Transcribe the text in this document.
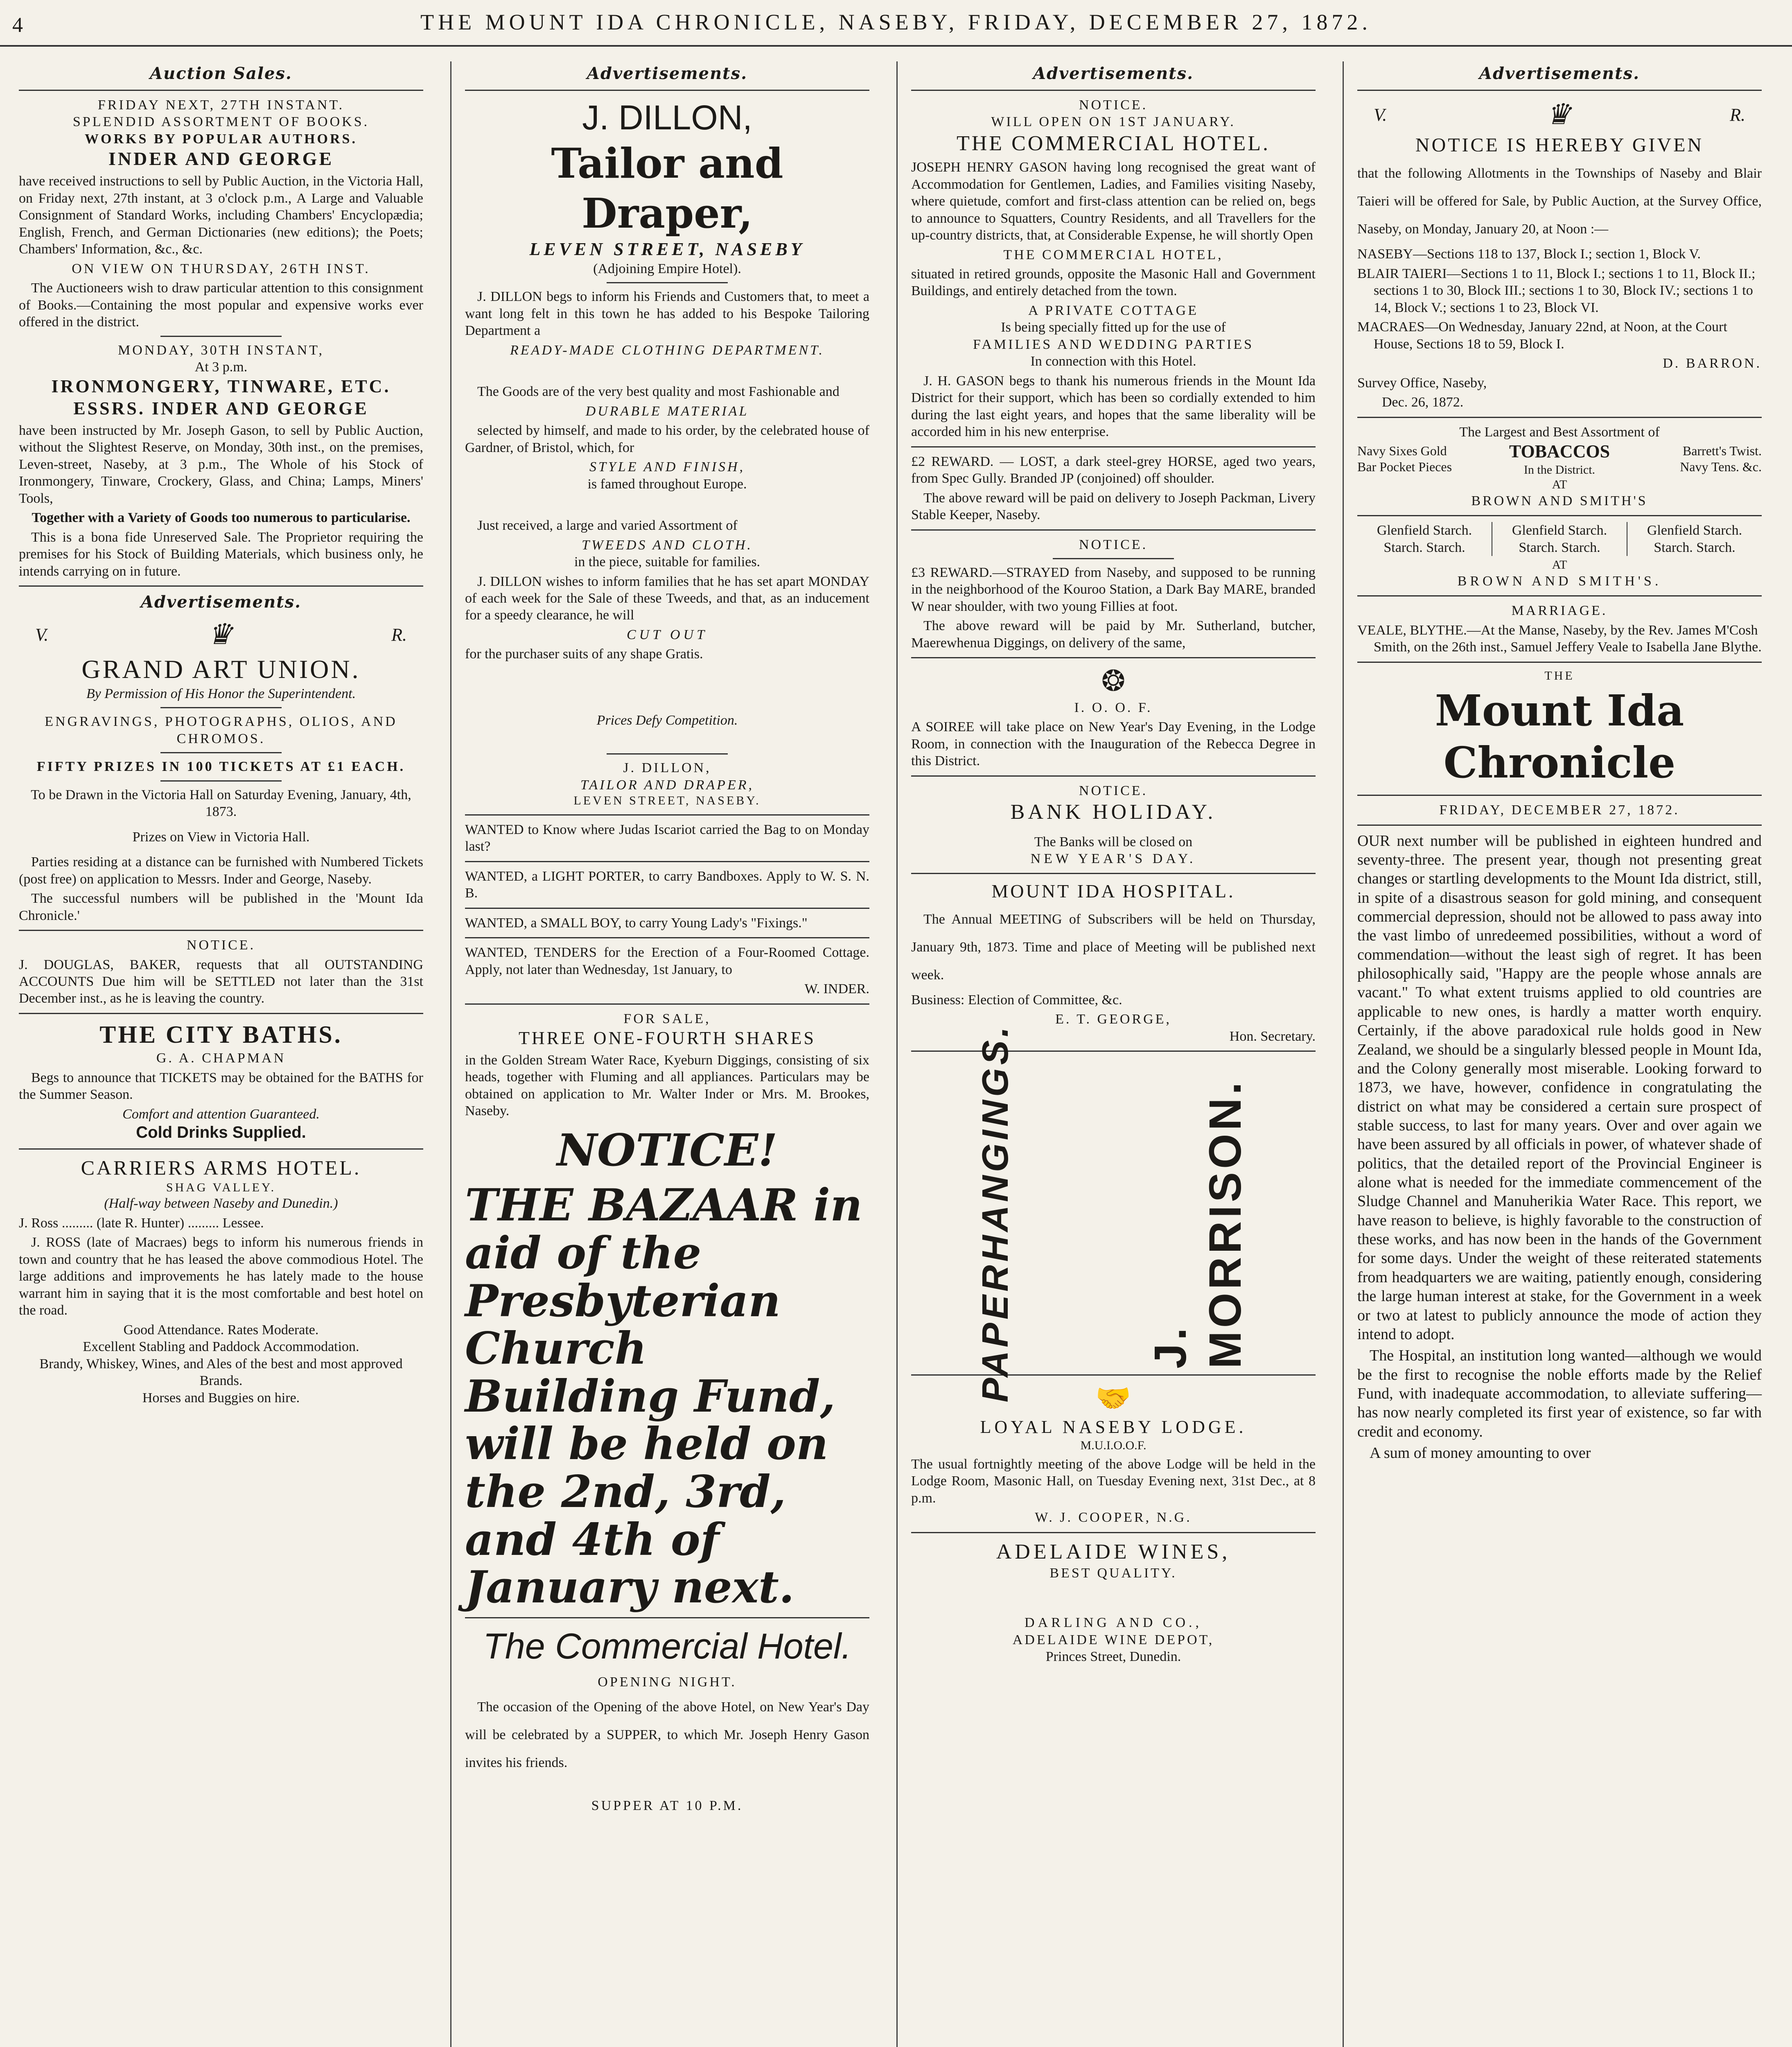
4	THE MOUNT IDA CHRONICLE, NASEBY, FRIDAY, DECEMBER 27, 1872.
Auction Sales.
FRIDAY NEXT, 27TH INSTANT.
SPLENDID ASSORTMENT OF BOOKS.
WORKS BY POPULAR AUTHORS.
INDER AND GEORGE
have received instructions to sell by Public Auction, in the Victoria Hall, on Friday next, 27th instant, at 3 o'clock p.m., A Large and Valuable Consignment of Standard Works, including Chambers' Encyclopædia; English, French, and German Dictionaries (new editions); the Poets; Chambers' Information, &c., &c.
ON VIEW ON THURSDAY, 26TH INST.
The Auctioneers wish to draw particular attention to this consignment of Books.—Containing the most popular and expensive works ever offered in the district.
MONDAY, 30TH INSTANT,
At 3 p.m.
IRONMONGERY, TINWARE, ETC.
ESSRS. INDER AND GEORGE
have been instructed by Mr. Joseph Gason, to sell by Public Auction, without the Slightest Reserve, on Monday, 30th inst., on the premises, Leven-street, Naseby, at 3 p.m., The Whole of his Stock of Ironmongery, Tinware, Crockery, Glass, and China; Lamps, Miners' Tools,
Together with a Variety of Goods too numerous to particularise.
This is a bona fide Unreserved Sale. The Proprietor requiring the premises for his Stock of Building Materials, which business only, he intends carrying on in future.
Advertisements.
V.	♛	R.
GRAND ART UNION.
By Permission of His Honor the Superintendent.
ENGRAVINGS, PHOTOGRAPHS, OLIOS, AND CHROMOS.
FIFTY PRIZES IN 100 TICKETS AT £1 EACH.
To be Drawn in the Victoria Hall on Saturday Evening, January, 4th, 1873.
Prizes on View in Victoria Hall.
Parties residing at a distance can be furnished with Numbered Tickets (post free) on application to Messrs. Inder and George, Naseby.
The successful numbers will be published in the 'Mount Ida Chronicle.'
NOTICE.
J. DOUGLAS, BAKER, requests that all OUTSTANDING ACCOUNTS Due him will be SETTLED not later than the 31st December inst., as he is leaving the country.
THE CITY BATHS.
G. A. CHAPMAN
Begs to announce that TICKETS may be obtained for the BATHS for the Summer Season.
Comfort and attention Guaranteed.
Cold Drinks Supplied.
CARRIERS ARMS HOTEL.
SHAG VALLEY.
(Half-way between Naseby and Dunedin.)
J. Ross ......... (late R. Hunter) ......... Lessee.
J. ROSS (late of Macraes) begs to inform his numerous friends in town and country that he has leased the above commodious Hotel. The large additions and improvements he has lately made to the house warrant him in saying that it is the most comfortable and best hotel on the road.
Good Attendance. Rates Moderate.
Excellent Stabling and Paddock Accommodation.
Brandy, Whiskey, Wines, and Ales of the best and most approved Brands.
Horses and Buggies on hire.
Advertisements.
J. DILLON,
Tailor and Draper,
LEVEN STREET, NASEBY
(Adjoining Empire Hotel).
J. DILLON begs to inform his Friends and Customers that, to meet a want long felt in this town he has added to his Bespoke Tailoring Department a
READY-MADE CLOTHING DEPARTMENT.
The Goods are of the very best quality and most Fashionable and
DURABLE MATERIAL
selected by himself, and made to his order, by the celebrated house of Gardner, of Bristol, which, for
STYLE AND FINISH,
is famed throughout Europe.
Just received, a large and varied Assortment of
TWEEDS AND CLOTH.
in the piece, suitable for families.
J. DILLON wishes to inform families that he has set apart MONDAY of each week for the Sale of these Tweeds, and that, as an inducement for a speedy clearance, he will
CUT OUT
for the purchaser suits of any shape Gratis.
Prices Defy Competition.
J. DILLON,
TAILOR AND DRAPER,
LEVEN STREET, NASEBY.
WANTED to Know where Judas Iscariot carried the Bag to on Monday last?
WANTED, a LIGHT PORTER, to carry Bandboxes. Apply to W. S. N. B.
WANTED, a SMALL BOY, to carry Young Lady's "Fixings."
WANTED, TENDERS for the Erection of a Four-Roomed Cottage. Apply, not later than Wednesday, 1st January, to
W. INDER.
FOR SALE,
THREE ONE-FOURTH SHARES
in the Golden Stream Water Race, Kyeburn Diggings, consisting of six heads, together with Fluming and all appliances. Particulars may be obtained on application to Mr. Walter Inder or Mrs. M. Brookes, Naseby.
NOTICE!
THE BAZAAR in aid of the Presbyterian Church Building Fund, will be held on the 2nd, 3rd, and 4th of January next.
The Commercial Hotel.
OPENING NIGHT.
The occasion of the Opening of the above Hotel, on New Year's Day will be celebrated by a SUPPER, to which Mr. Joseph Henry Gason invites his friends.
SUPPER AT 10 P.M.
Advertisements.
NOTICE.
WILL OPEN ON 1ST JANUARY.
THE COMMERCIAL HOTEL.
JOSEPH HENRY GASON having long recognised the great want of Accommodation for Gentlemen, Ladies, and Families visiting Naseby, where quietude, comfort and first-class attention can be relied on, begs to announce to Squatters, Country Residents, and all Travellers for the up-country districts, that, at Considerable Expense, he will shortly Open
THE COMMERCIAL HOTEL,
situated in retired grounds, opposite the Masonic Hall and Government Buildings, and entirely detached from the town.
A PRIVATE COTTAGE
Is being specially fitted up for the use of
FAMILIES AND WEDDING PARTIES
In connection with this Hotel.
J. H. GASON begs to thank his numerous friends in the Mount Ida District for their support, which has been so cordially extended to him during the last eight years, and hopes that the same liberality will be accorded him in his new enterprise.
£2 REWARD. — LOST, a dark steel-grey HORSE, aged two years, from Spec Gully. Branded JP (conjoined) off shoulder.
The above reward will be paid on delivery to Joseph Packman, Livery Stable Keeper, Naseby.
NOTICE.
£3 REWARD.—STRAYED from Naseby, and supposed to be running in the neighborhood of the Kouroo Station, a Dark Bay MARE, branded W near shoulder, with two young Fillies at foot.
The above reward will be paid by Mr. Sutherland, butcher, Maerewhenua Diggings, on delivery of the same,
❂
I. O. O. F.
A SOIREE will take place on New Year's Day Evening, in the Lodge Room, in connection with the Inauguration of the Rebecca Degree in this District.
NOTICE.
BANK HOLIDAY.
The Banks will be closed on
NEW YEAR'S DAY.
MOUNT IDA HOSPITAL.
The Annual MEETING of Subscribers will be held on Thursday, January 9th, 1873. Time and place of Meeting will be published next week.
Business: Election of Committee, &c.
E. T. GEORGE,
Hon. Secretary.
PAPERHANGINGS.	J. MORRISON.
🤝
LOYAL NASEBY LODGE.
M.U.I.O.O.F.
The usual fortnightly meeting of the above Lodge will be held in the Lodge Room, Masonic Hall, on Tuesday Evening next, 31st Dec., at 8 p.m.
W. J. COOPER, N.G.
ADELAIDE WINES,
BEST QUALITY.
DARLING AND CO.,
ADELAIDE WINE DEPOT,
Princes Street, Dunedin.
Advertisements.
V.	♛	R.
NOTICE IS HEREBY GIVEN
that the following Allotments in the Townships of Naseby and Blair Taieri will be offered for Sale, by Public Auction, at the Survey Office, Naseby, on Monday, January 20, at Noon :—
NASEBY—Sections 118 to 137, Block I.; section 1, Block V.
BLAIR TAIERI—Sections 1 to 11, Block I.; sections 1 to 11, Block II.; sections 1 to 30, Block III.; sections 1 to 30, Block IV.; sections 1 to 14, Block V.; sections 1 to 23, Block VI.
MACRAES—On Wednesday, January 22nd, at Noon, at the Court House, Sections 18 to 59, Block I.
D. BARRON.
Survey Office, Naseby,
Dec. 26, 1872.
The Largest and Best Assortment of
Navy Sixes Gold Bar Pocket Pieces
TOBACCOS
In the District.
Barrett's Twist. Navy Tens. &c.
AT
BROWN AND SMITH'S
Glenfield Starch. Starch. Starch.
Glenfield Starch. Starch. Starch.
Glenfield Starch. Starch. Starch.
AT
BROWN AND SMITH'S.
MARRIAGE.
VEALE, BLYTHE.—At the Manse, Naseby, by the Rev. James M'Cosh Smith, on the 26th inst., Samuel Jeffery Veale to Isabella Jane Blythe.
THE
Mount Ida Chronicle
FRIDAY, DECEMBER 27, 1872.
OUR next number will be published in eighteen hundred and seventy-three. The present year, though not presenting great changes or startling developments to the Mount Ida district, still, in spite of a disastrous season for gold mining, and consequent commercial depression, should not be allowed to pass away into the vast limbo of unredeemed possibilities, without a word of commendation—without the least sigh of regret. It has been philosophically said, "Happy are the people whose annals are vacant." To what extent truisms applied to old countries are applicable to new ones, is hardly a matter worth enquiry. Certainly, if the above paradoxical rule holds good in New Zealand, we should be a singularly blessed people in Mount Ida, and the Colony generally most miserable. Looking forward to 1873, we have, however, confidence in congratulating the district on what may be considered a certain sure prospect of stable success, to last for many years. Over and over again we have been assured by all officials in power, of whatever shade of politics, that the detailed report of the Provincial Engineer is alone what is needed for the immediate commencement of the Sludge Channel and Manuherikia Water Race. This report, we have reason to believe, is highly favorable to the construction of these works, and has now been in the hands of the Government for some days. Under the weight of these reiterated statements from headquarters we are waiting, patiently enough, considering the large human interest at stake, for the Government in a week or two at latest to publicly announce the mode of action they intend to adopt.
The Hospital, an institution long wanted—although we would be the first to recognise the noble efforts made by the Relief Fund, with inadequate accommodation, to alleviate suffering—has now nearly completed its first year of existence, so far with credit and economy.
A sum of money amounting to over
